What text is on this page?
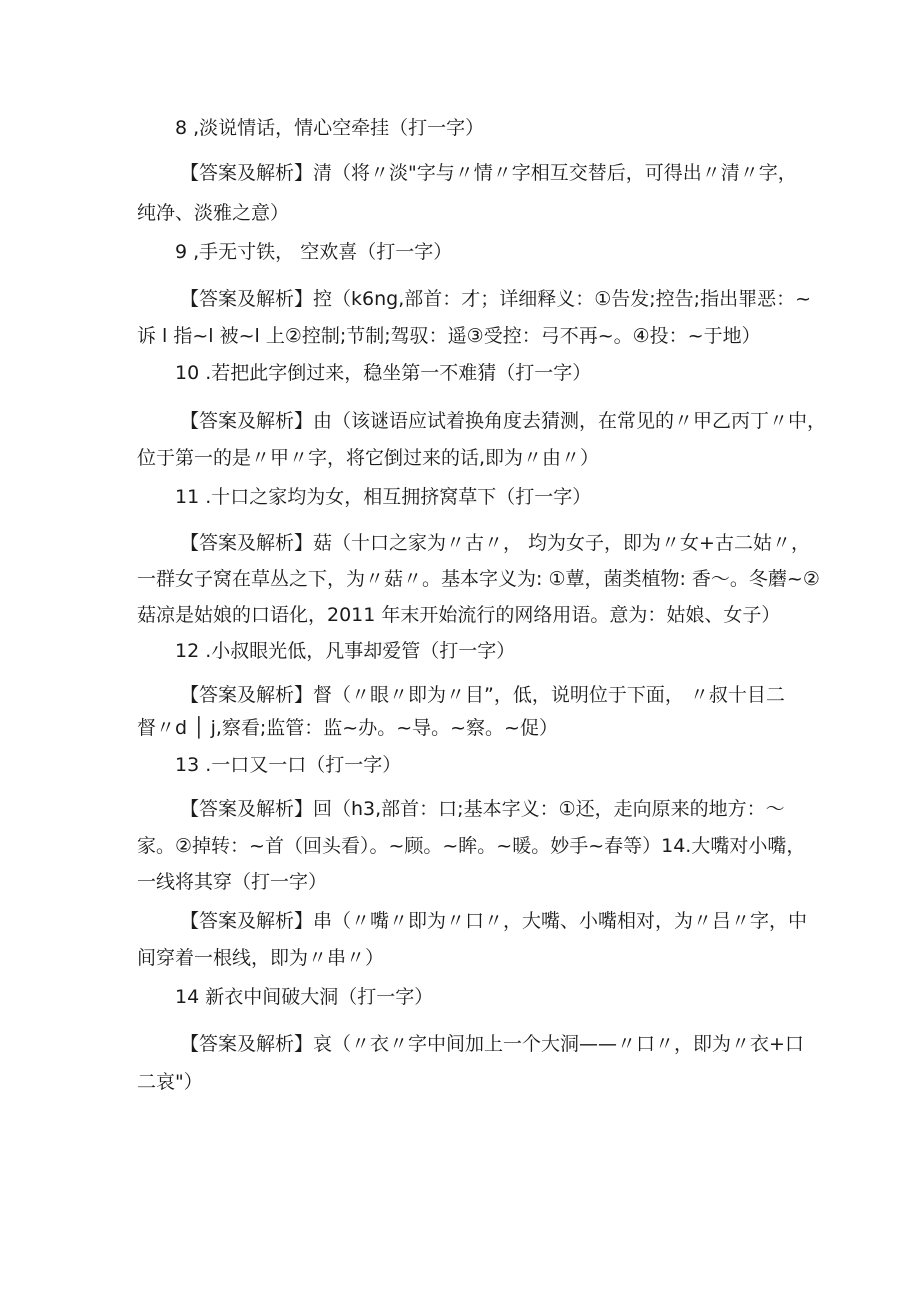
8 ,淡说情话，情心空牵挂（打一字）
【答案及解析】清（将〃淡"字与〃情〃字相互交替后，可得出〃清〃字，
纯净、淡雅之意）
9 ,手无寸铁， 空欢喜（打一字）
【答案及解析】控（k6ng,部首：才；详细释义：①告发;控告;指出罪恶：~
诉 l 指~l 被~l 上②控制;节制;驾驭：遥③受控：弓不再~。④投：~于地）
10 .若把此字倒过来，稳坐第一不难猜（打一字）
【答案及解析】由（该谜语应试着换角度去猜测，在常见的〃甲乙丙丁〃中，
位于第一的是〃甲〃字，将它倒过来的话,即为〃由〃）
11 .十口之家均为女，相互拥挤窝草下（打一字）
【答案及解析】菇（十口之家为〃古〃， 均为女子，即为〃女+古二姑〃，
一群女子窝在草丛之下，为〃菇〃。基本字义为: ①蕈，菌类植物: 香〜。冬蘑~②
菇凉是姑娘的口语化，2011 年末开始流行的网络用语。意为：姑娘、女子）
12 .小叔眼光低，凡事却爱管（打一字）
【答案及解析】督（〃眼〃即为〃目”，低，说明位于下面， 〃叔十目二
督〃d │ j,察看;监管：监~办。~导。~察。~促）
13 .一口又一口（打一字）
【答案及解析】回（h3,部首：口;基本字义：①还，走向原来的地方：〜
家。②掉转：~首（回头看）。~顾。~眸。~暖。妙手~春等）14.大嘴对小嘴，
一线将其穿（打一字）
【答案及解析】串（〃嘴〃即为〃口〃，大嘴、小嘴相对，为〃吕〃字，中
间穿着一根线，即为〃串〃）
14 新衣中间破大洞（打一字）
【答案及解析】哀（〃衣〃字中间加上一个大洞——〃口〃，即为〃衣+口
二哀"）
